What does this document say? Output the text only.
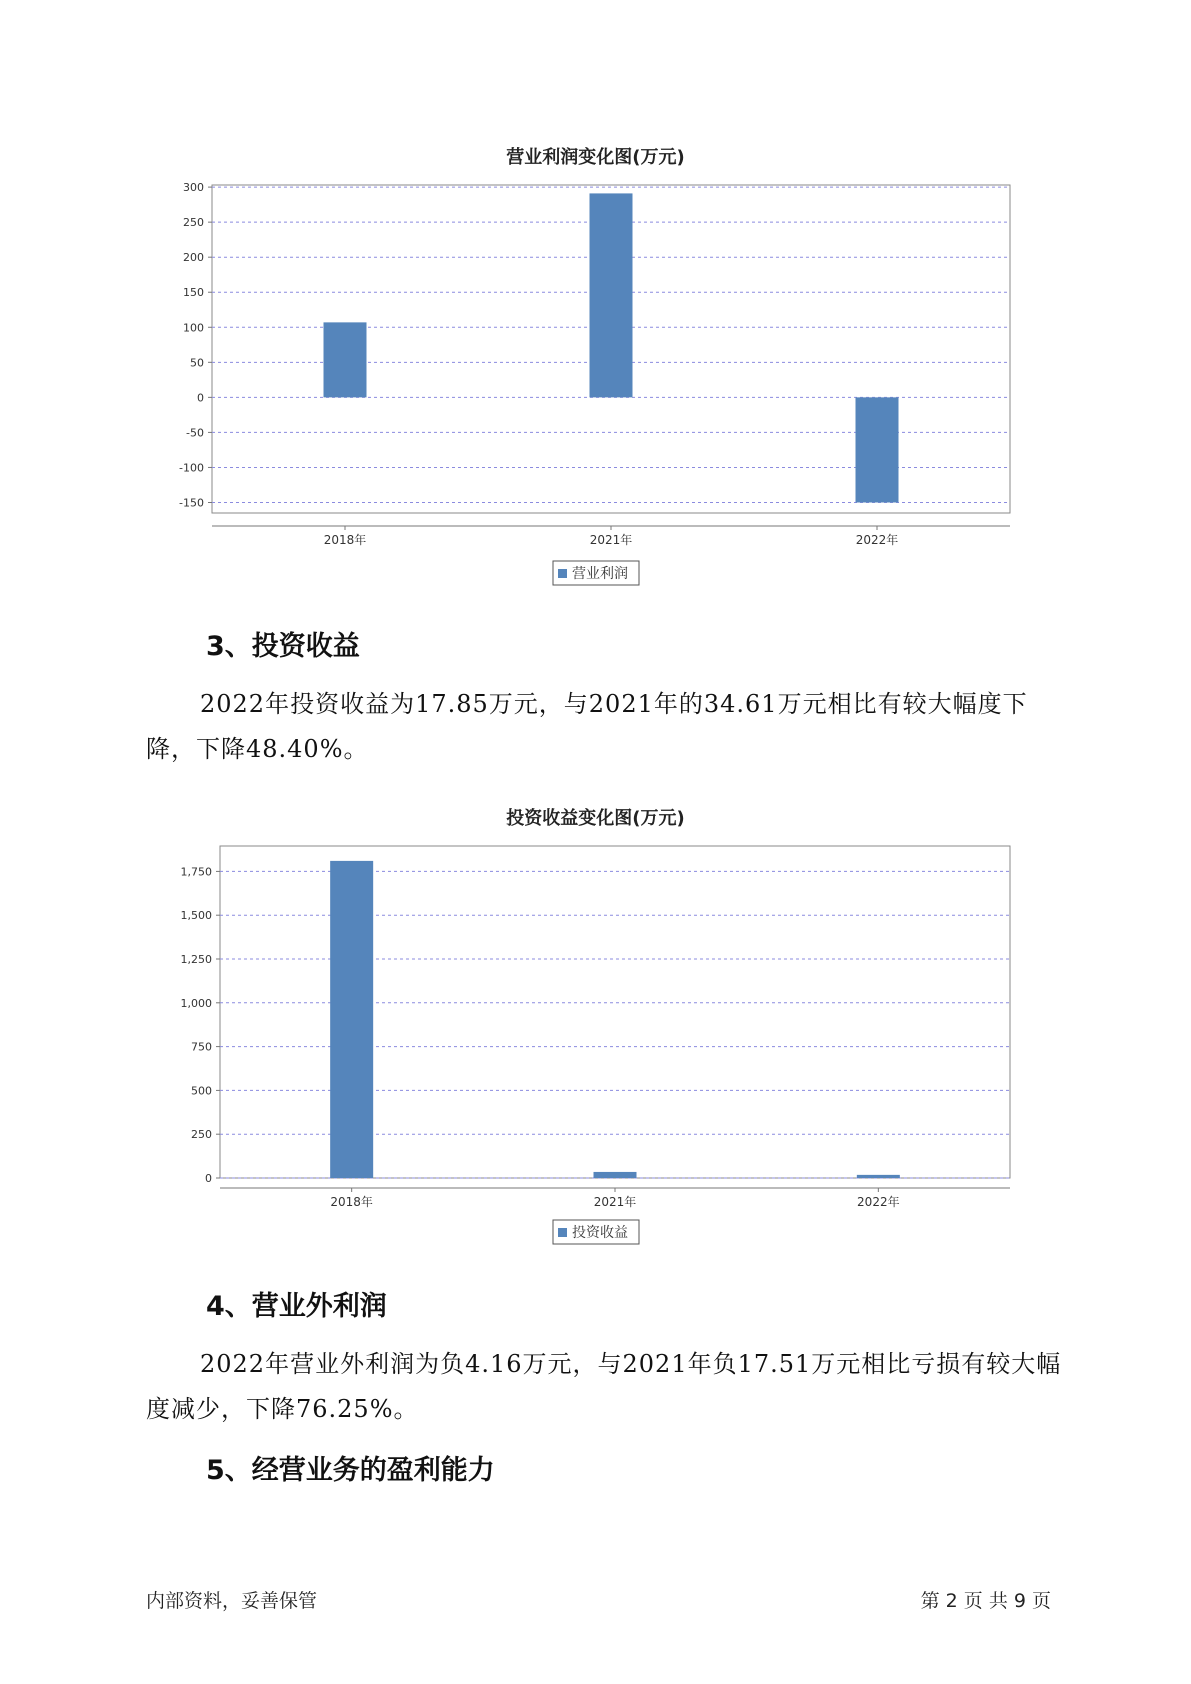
营业利润变化图(万元)
300
250
200
150
100
50
0
-50
-100
-150
2018年	2021年	2022年
营业利润
3、投资收益

2022年投资收益为17.85万元，与2021年的34.61万元相比有较大幅度下降，下降48.40%。

投资收益变化图(万元)
1,750
1,500
1,250
1,000
750
500
250
0
2018年	2021年	2022年
投资收益
4、营业外利润

2022年营业外利润为负4.16万元，与2021年负17.51万元相比亏损有较大幅度减少，下降76.25%。

5、经营业务的盈利能力
内部资料，妥善保管	第 2 页 共 9 页
